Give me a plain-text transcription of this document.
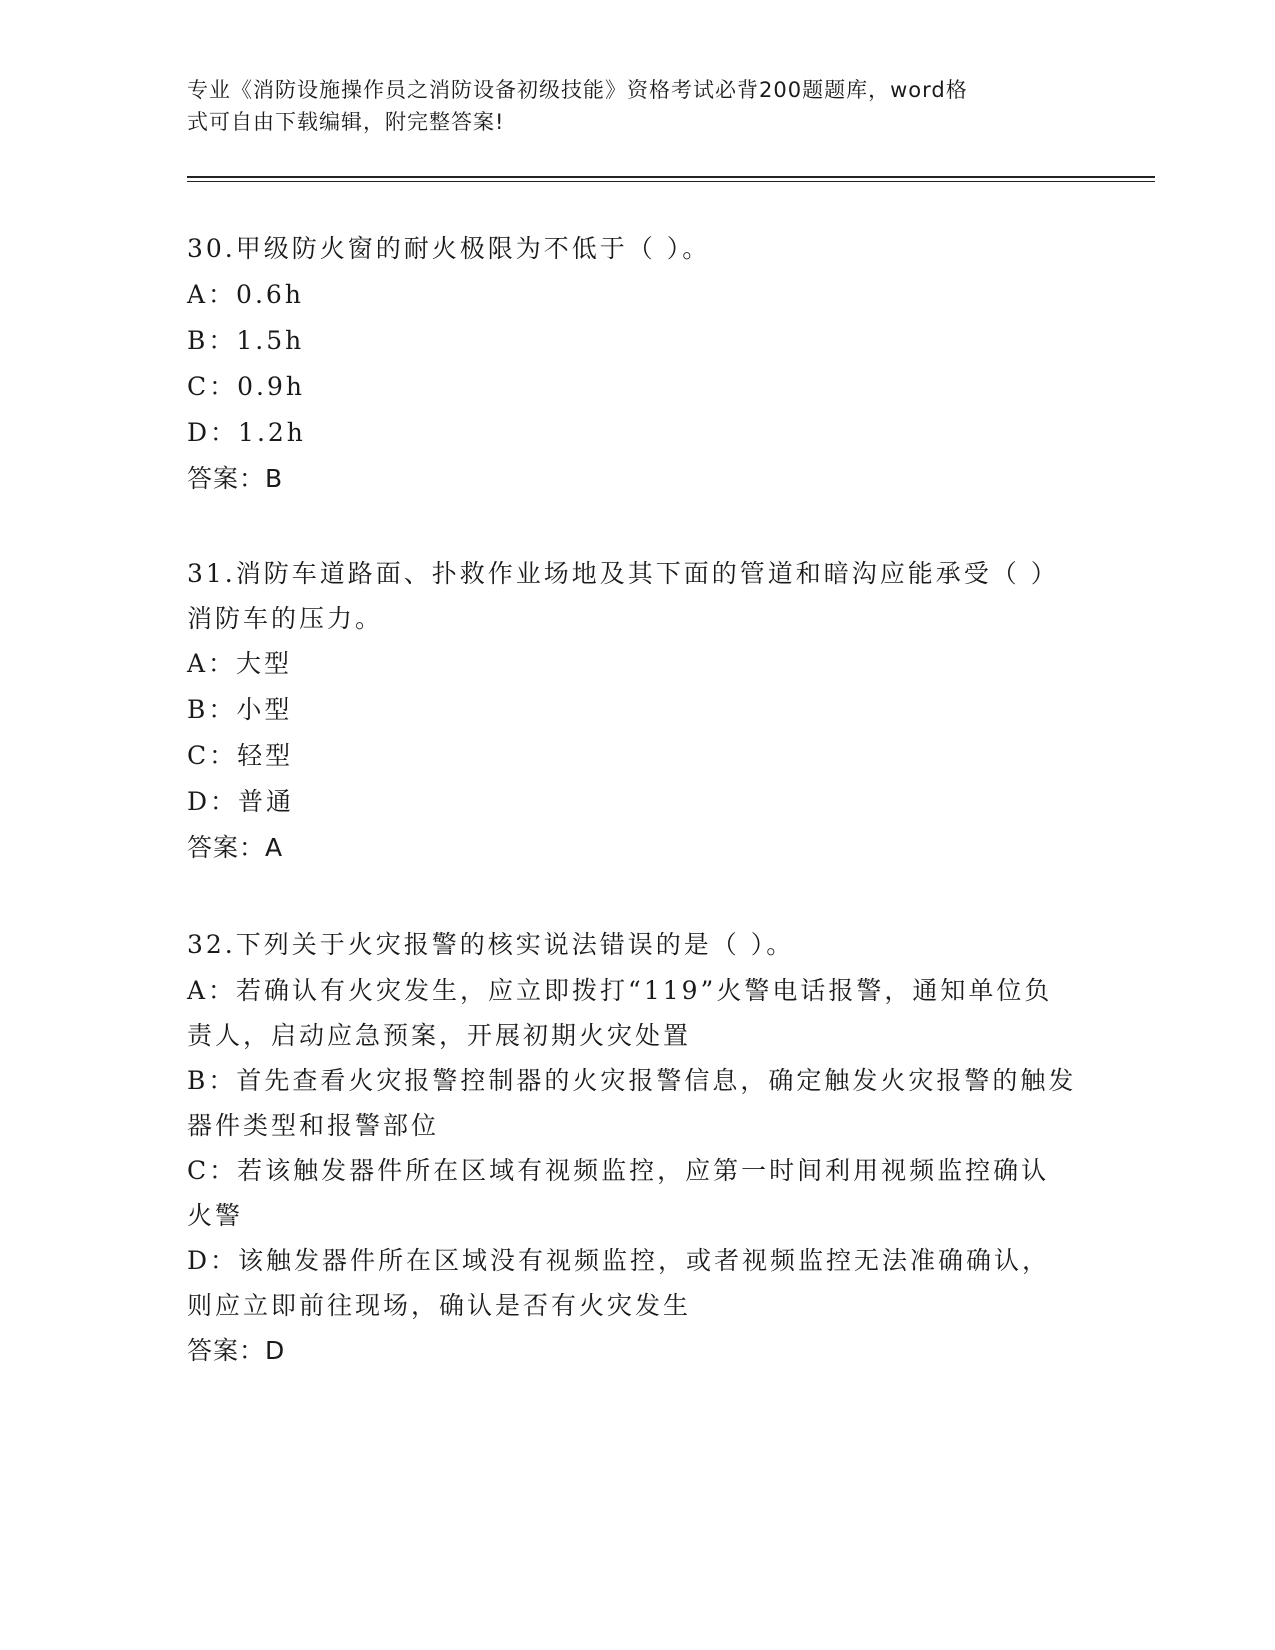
专业《消防设施操作员之消防设备初级技能》资格考试必背200题题库，word格
式可自由下载编辑，附完整答案!
30.甲级防火窗的耐火极限为不低于（ ）。
A：0.6h
B：1.5h
C：0.9h
D：1.2h
答案：B
31.消防车道路面、扑救作业场地及其下面的管道和暗沟应能承受（ ）消防车的压力。
A：大型
B：小型
C：轻型
D：普通
答案：A
32.下列关于火灾报警的核实说法错误的是（ ）。
A：若确认有火灾发生，应立即拨打“119”火警电话报警，通知单位负责人，启动应急预案，开展初期火灾处置
B：首先查看火灾报警控制器的火灾报警信息，确定触发火灾报警的触发器件类型和报警部位
C：若该触发器件所在区域有视频监控，应第一时间利用视频监控确认火警
D：该触发器件所在区域没有视频监控，或者视频监控无法准确确认，则应立即前往现场，确认是否有火灾发生
答案：D
